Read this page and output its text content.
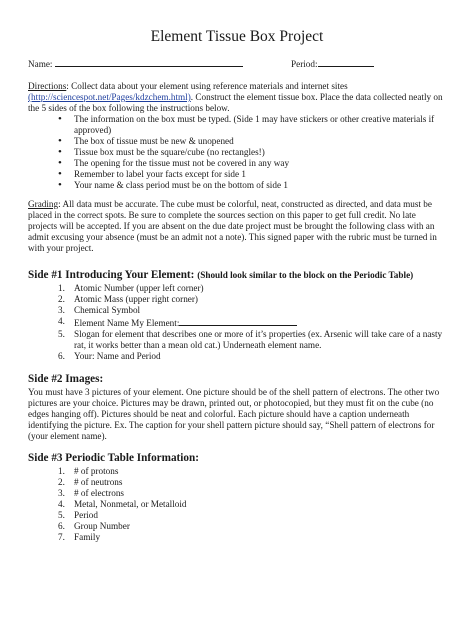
Element Tissue Box Project
Name:	Period:
Directions: Collect data about your element using reference materials and internet sites (http://sciencespot.net/Pages/kdzchem.html). Construct the element tissue box. Place the data collected neatly on the 5 sides of the box following the instructions below.
• The information on the box must be typed. (Side 1 may have stickers or other creative materials if approved)
• The box of tissue must be new & unopened
• Tissue box must be the square/cube (no rectangles!)
• The opening for the tissue must not be covered in any way
• Remember to label your facts except for side 1
• Your name & class period must be on the bottom of side 1
Grading: All data must be accurate. The cube must be colorful, neat, constructed as directed, and data must be placed in the correct spots. Be sure to complete the sources section on this paper to get full credit. No late projects will be accepted. If you are absent on the due date project must be brought the following class with an admit excusing your absence (must be an admit not a note). This signed paper with the rubric must be turned in with your project.
Side #1 Introducing Your Element: (Should look similar to the block on the Periodic Table)
1. Atomic Number (upper left corner)
2. Atomic Mass (upper right corner)
3. Chemical Symbol
4. Element Name My Element:
5. Slogan for element that describes one or more of it’s properties (ex. Arsenic will take care of a nasty rat, it works better than a mean old cat.) Underneath element name.
6. Your: Name and Period
Side #2 Images:
You must have 3 pictures of your element. One picture should be of the shell pattern of electrons. The other two pictures are your choice. Pictures may be drawn, printed out, or photocopied, but they must fit on the cube (no edges hanging off). Pictures should be neat and colorful. Each picture should have a caption underneath identifying the picture. Ex. The caption for your shell pattern picture should say, “Shell pattern of electrons for (your element name).
Side #3 Periodic Table Information:
1. # of protons
2. # of neutrons
3. # of electrons
4. Metal, Nonmetal, or Metalloid
5. Period
6. Group Number
7. Family
